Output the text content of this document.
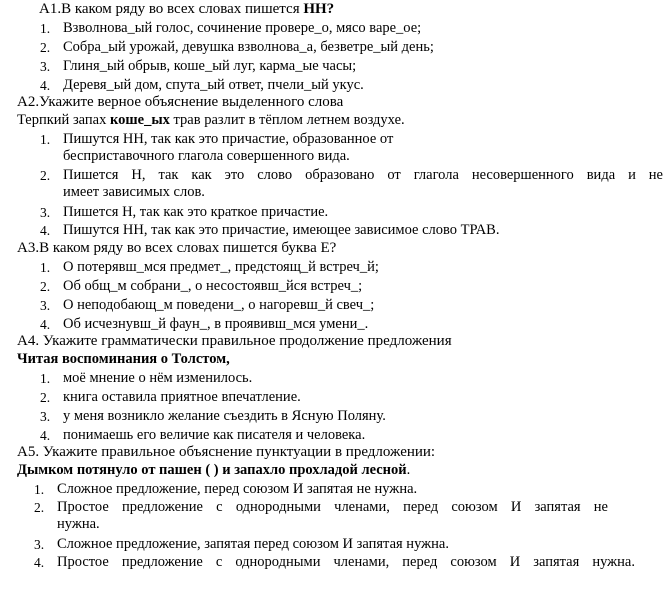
А1.В каком ряду во всех словах пишется НН?
1. Взволнова_ый голос, сочинение провере_о, мясо варе_ое;
2. Собра_ый урожай, девушка взволнова_а, безветре_ый день;
3. Глиня_ый обрыв, коше_ый луг, карма_ые часы;
4. Деревя_ый дом, спута_ый ответ, пчели_ый укус.
А2.Укажите верное объяснение выделенного слова
Терпкий запах коше_ых трав разлит в тёплом летнем воздухе.
1. Пишутся НН, так как это причастие, образованное от
бесприставочного глагола совершенного вида.
2. Пишется Н, так как это слово образовано от глагола несовершенного вида и не
имеет зависимых слов.
3. Пишется Н, так как это краткое причастие.
4. Пишутся НН, так как это причастие, имеющее зависимое слово ТРАВ.
А3.В каком ряду во всех словах пишется буква Е?
1. О потерявш_мся предмет_, предстоящ_й встреч_й;
2. Об общ_м собрани_, о несостоявш_йся встреч_;
3. О неподобающ_м поведени_, о нагоревш_й свеч_;
4. Об исчезнувш_й фаун_, в проявивш_мся умени_.
А4. Укажите грамматически правильное продолжение предложения
Читая воспоминания о Толстом,
1. моё мнение о нём изменилось.
2. книга оставила приятное впечатление.
3. у меня возникло желание съездить в Ясную Поляну.
4. понимаешь его величие как писателя и человека.
А5. Укажите правильное объяснение пунктуации в предложении:
Дымком потянуло от пашен ( ) и запахло прохладой лесной.
1. Сложное предложение, перед союзом И запятая не нужна.
2. Простое предложение с однородными членами, перед союзом И запятая не
нужна.
3. Сложное предложение, запятая перед союзом И запятая нужна.
4. Простое предложение с однородными членами, перед союзом И запятая нужна.
